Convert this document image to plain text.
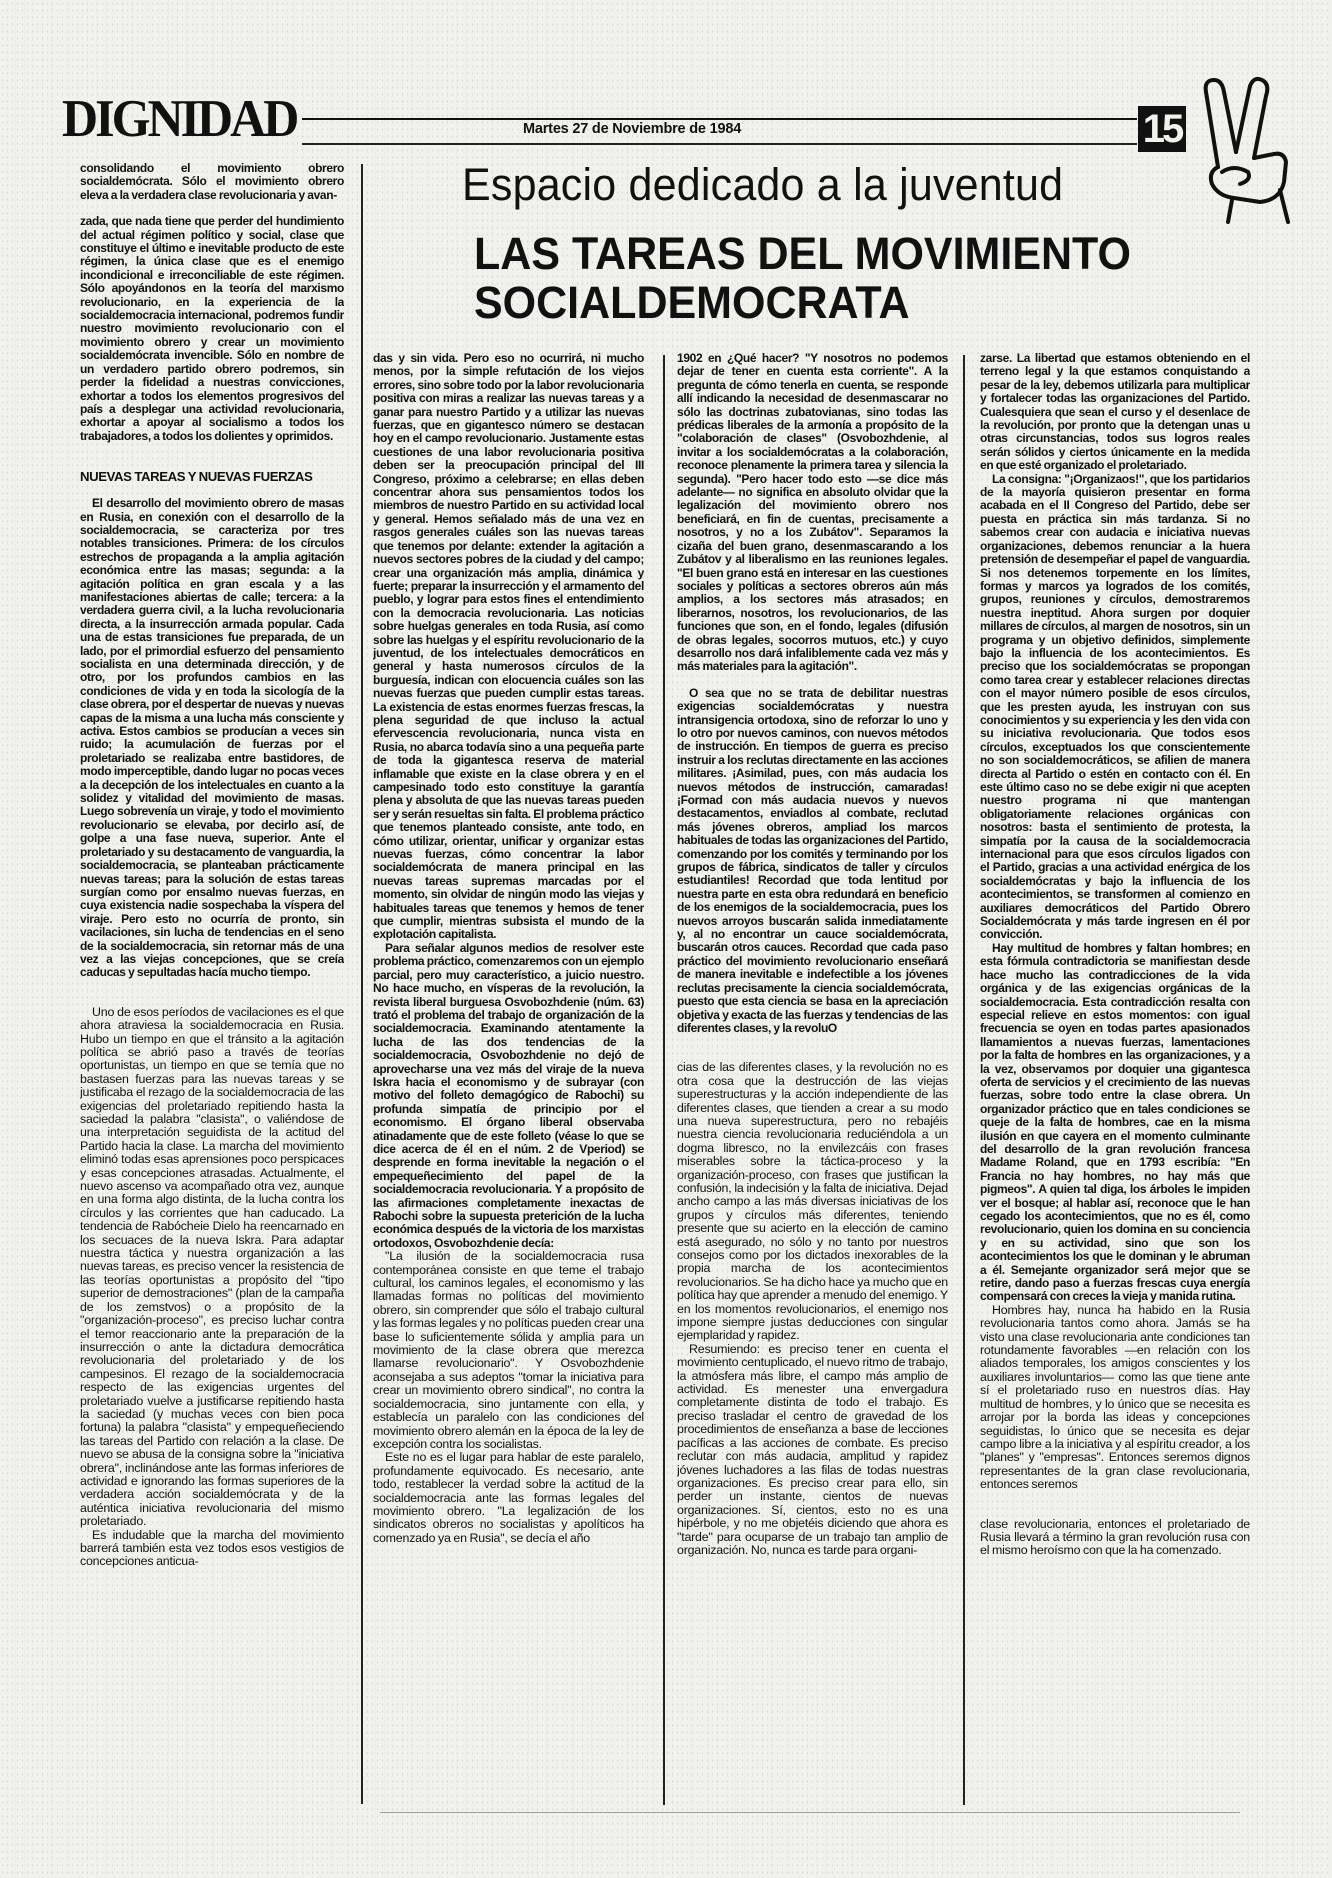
DIGNIDAD	Martes 27 de Noviembre de 1984	15
Espacio dedicado a la juventud
LAS TAREAS DEL MOVIMIENTO
SOCIALDEMOCRATA

consolidando el movimiento obrero socialdemócrata. Sólo el movimiento obrero eleva a la verdadera clase revolucionaria y avan-

zada, que nada tiene que perder del hundimiento del actual régimen político y social, clase que constituye el último e inevitable producto de este régimen, la única clase que es el enemigo incondicional e irreconciliable de este régimen. Sólo apoyándonos en la teoría del marxismo revolucionario, en la experiencia de la socialdemocracia internacional, podremos fundir nuestro movimiento revolucionario con el movimiento obrero y crear un movimiento socialdemócrata invencible. Sólo en nombre de un verdadero partido obrero podremos, sin perder la fidelidad a nuestras convicciones, exhortar a todos los elementos progresivos del país a desplegar una actividad revolucionaria, exhortar a apoyar al socialismo a todos los trabajadores, a todos los dolientes y oprimidos.

NUEVAS TAREAS Y NUEVAS FUERZAS

El desarrollo del movimiento obrero de masas en Rusia, en conexión con el desarrollo de la socialdemocracia, se caracteriza por tres notables transiciones. Primera: de los círculos estrechos de propaganda a la amplia agitación económica entre las masas; segunda: a la agitación política en gran escala y a las manifestaciones abiertas de calle; tercera: a la verdadera guerra civil, a la lucha revolucionaria directa, a la insurrección armada popular. Cada una de estas transiciones fue preparada, de un lado, por el primordial esfuerzo del pensamiento socialista en una determinada dirección, y de otro, por los profundos cambios en las condiciones de vida y en toda la sicología de la clase obrera, por el despertar de nuevas y nuevas capas de la misma a una lucha más consciente y activa. Estos cambios se producían a veces sin ruido; la acumulación de fuerzas por el proletariado se realizaba entre bastidores, de modo imperceptible, dando lugar no pocas veces a la decepción de los intelectuales en cuanto a la solidez y vitalidad del movimiento de masas. Luego sobrevenía un viraje, y todo el movimiento revolucionario se elevaba, por decirlo así, de golpe a una fase nueva, superior. Ante el proletariado y su destacamento de vanguardia, la socialdemocracia, se planteaban prácticamente nuevas tareas; para la solución de estas tareas surgían como por ensalmo nuevas fuerzas, en cuya existencia nadie sospechaba la víspera del viraje. Pero esto no ocurría de pronto, sin vacilaciones, sin lucha de tendencias en el seno de la socialdemocracia, sin retornar más de una vez a las viejas concepciones, que se creía caducas y sepultadas hacía mucho tiempo.

Uno de esos períodos de vacilaciones es el que ahora atraviesa la socialdemocracia en Rusia. Hubo un tiempo en que el tránsito a la agitación política se abrió paso a través de teorías oportunistas, un tiempo en que se temía que no bastasen fuerzas para las nuevas tareas y se justificaba el rezago de la socialdemocracia de las exigencias del proletariado repitiendo hasta la saciedad la palabra "clasista", o valiéndose de una interpretación seguidista de la actitud del Partido hacia la clase. La marcha del movimiento eliminó todas esas aprensiones poco perspicaces y esas concepciones atrasadas. Actualmente, el nuevo ascenso va acompañado otra vez, aunque en una forma algo distinta, de la lucha contra los círculos y las corrientes que han caducado. La tendencia de Rabócheie Dielo ha reencarnado en los secuaces de la nueva Iskra. Para adaptar nuestra táctica y nuestra organización a las nuevas tareas, es preciso vencer la resistencia de las teorías oportunistas a propósito del "tipo superior de demostraciones" (plan de la campaña de los zemstvos) o a propósito de la "organización-proceso", es preciso luchar contra el temor reaccionario ante la preparación de la insurrección o ante la dictadura democrática revolucionaria del proletariado y de los campesinos. El rezago de la socialdemocracia respecto de las exigencias urgentes del proletariado vuelve a justificarse repitiendo hasta la saciedad (y muchas veces con bien poca fortuna) la palabra "clasista" y empequeñeciendo las tareas del Partido con relación a la clase. De nuevo se abusa de la consigna sobre la "iniciativa obrera", inclinándose ante las formas inferiores de actividad e ignorando las formas superiores de la verdadera acción socialdemócrata y de la auténtica iniciativa revolucionaria del mismo proletariado.

Es indudable que la marcha del movimiento barrerá también esta vez todos esos vestigios de concepciones anticua-

das y sin vida. Pero eso no ocurrirá, ni mucho menos, por la simple refutación de los viejos errores, sino sobre todo por la labor revolucionaria positiva con miras a realizar las nuevas tareas y a ganar para nuestro Partido y a utilizar las nuevas fuerzas, que en gigantesco número se destacan hoy en el campo revolucionario. Justamente estas cuestiones de una labor revolucionaria positiva deben ser la preocupación principal del III Congreso, próximo a celebrarse; en ellas deben concentrar ahora sus pensamientos todos los miembros de nuestro Partido en su actividad local y general. Hemos señalado más de una vez en rasgos generales cuáles son las nuevas tareas que tenemos por delante: extender la agitación a nuevos sectores pobres de la ciudad y del campo; crear una organización más amplia, dinámica y fuerte; preparar la insurrección y el armamento del pueblo, y lograr para estos fines el entendimiento con la democracia revolucionaria. Las noticias sobre huelgas generales en toda Rusia, así como sobre las huelgas y el espíritu revolucionario de la juventud, de los intelectuales democráticos en general y hasta numerosos círculos de la burguesía, indican con elocuencia cuáles son las nuevas fuerzas que pueden cumplir estas tareas. La existencia de estas enormes fuerzas frescas, la plena seguridad de que incluso la actual efervescencia revolucionaria, nunca vista en Rusia, no abarca todavía sino a una pequeña parte de toda la gigantesca reserva de material inflamable que existe en la clase obrera y en el campesinado todo esto constituye la garantía plena y absoluta de que las nuevas tareas pueden ser y serán resueltas sin falta. El problema práctico que tenemos planteado consiste, ante todo, en cómo utilizar, orientar, unificar y organizar estas nuevas fuerzas, cómo concentrar la labor socialdemócrata de manera principal en las nuevas tareas supremas marcadas por el momento, sin olvidar de ningún modo las viejas y habituales tareas que tenemos y hemos de tener que cumplir, mientras subsista el mundo de la explotación capitalista.

Para señalar algunos medios de resolver este problema práctico, comenzaremos con un ejemplo parcial, pero muy característico, a juicio nuestro. No hace mucho, en vísperas de la revolución, la revista liberal burguesa Osvobozhdenie (núm. 63) trató el problema del trabajo de organización de la socialdemocracia. Examinando atentamente la lucha de las dos tendencias de la socialdemocracia, Osvobozhdenie no dejó de aprovecharse una vez más del viraje de la nueva Iskra hacia el economismo y de subrayar (con motivo del folleto demagógico de Rabochi) su profunda simpatía de principio por el economismo. El órgano liberal observaba atinadamente que de este folleto (véase lo que se dice acerca de él en el núm. 2 de Vperiod) se desprende en forma inevitable la negación o el empequeñecimiento del papel de la socialdemocracia revolucionaria. Y a propósito de las afirmaciones completamente inexactas de Rabochi sobre la supuesta preterición de la lucha económica después de la victoria de los marxistas ortodoxos, Osvobozhdenie decía:

"La ilusión de la socialdemocracia rusa contemporánea consiste en que teme el trabajo cultural, los caminos legales, el economismo y las llamadas formas no políticas del movimiento obrero, sin comprender que sólo el trabajo cultural y las formas legales y no políticas pueden crear una base lo suficientemente sólida y amplia para un movimiento de la clase obrera que merezca llamarse revolucionario". Y Osvobozhdenie aconsejaba a sus adeptos "tomar la iniciativa para crear un movimiento obrero sindical", no contra la socialdemocracia, sino juntamente con ella, y establecía un paralelo con las condiciones del movimiento obrero alemán en la época de la ley de excepción contra los socialistas.

Este no es el lugar para hablar de este paralelo, profundamente equivocado. Es necesario, ante todo, restablecer la verdad sobre la actitud de la socialdemocracia ante las formas legales del movimiento obrero. "La legalización de los sindicatos obreros no socialistas y apolíticos ha comenzado ya en Rusia", se decía el año

1902 en ¿Qué hacer? "Y nosotros no podemos dejar de tener en cuenta esta corriente". A la pregunta de cómo tenerla en cuenta, se responde allí indicando la necesidad de desenmascarar no sólo las doctrinas zubatovianas, sino todas las prédicas liberales de la armonía a propósito de la "colaboración de clases" (Osvobozhdenie, al invitar a los socialdemócratas a la colaboración, reconoce plenamente la primera tarea y silencia la segunda). "Pero hacer todo esto —se dice más adelante— no significa en absoluto olvidar que la legalización del movimiento obrero nos beneficiará, en fin de cuentas, precisamente a nosotros, y no a los Zubátov". Separamos la cizaña del buen grano, desenmascarando a los Zubátov y al liberalismo en las reuniones legales. "El buen grano está en interesar en las cuestiones sociales y políticas a sectores obreros aún más amplios, a los sectores más atrasados; en liberarnos, nosotros, los revolucionarios, de las funciones que son, en el fondo, legales (difusión de obras legales, socorros mutuos, etc.) y cuyo desarrollo nos dará infaliblemente cada vez más y más materiales para la agitación".

O sea que no se trata de debilitar nuestras exigencias socialdemócratas y nuestra intransigencia ortodoxa, sino de reforzar lo uno y lo otro por nuevos caminos, con nuevos métodos de instrucción. En tiempos de guerra es preciso instruir a los reclutas directamente en las acciones militares. ¡Asimilad, pues, con más audacia los nuevos métodos de instrucción, camaradas! ¡Formad con más audacia nuevos y nuevos destacamentos, enviadlos al combate, reclutad más jóvenes obreros, ampliad los marcos habituales de todas las organizaciones del Partido, comenzando por los comités y terminando por los grupos de fábrica, sindicatos de taller y círculos estudiantiles! Recordad que toda lentitud por nuestra parte en esta obra redundará en beneficio de los enemigos de la socialdemocracia, pues los nuevos arroyos buscarán salida inmediatamente y, al no encontrar un cauce socialdemócrata, buscarán otros cauces. Recordad que cada paso práctico del movimiento revolucionario enseñará de manera inevitable e indefectible a los jóvenes reclutas precisamente la ciencia socialdemócrata, puesto que esta ciencia se basa en la apreciación objetiva y exacta de las fuerzas y tendencias de las diferentes clases, y la revoluO

cias de las diferentes clases, y la revolución no es otra cosa que la destrucción de las viejas superestructuras y la acción independiente de las diferentes clases, que tienden a crear a su modo una nueva superestructura, pero no rebajéis nuestra ciencia revolucionaria reduciéndola a un dogma libresco, no la envilezcáis con frases miserables sobre la táctica-proceso y la organización-proceso, con frases que justifican la confusión, la indecisión y la falta de iniciativa. Dejad ancho campo a las más diversas iniciativas de los grupos y círculos más diferentes, teniendo presente que su acierto en la elección de camino está asegurado, no sólo y no tanto por nuestros consejos como por los dictados inexorables de la propia marcha de los acontecimientos revolucionarios. Se ha dicho hace ya mucho que en política hay que aprender a menudo del enemigo. Y en los momentos revolucionarios, el enemigo nos impone siempre justas deducciones con singular ejemplaridad y rapidez.

Resumiendo: es preciso tener en cuenta el movimiento centuplicado, el nuevo ritmo de trabajo, la atmósfera más libre, el campo más amplio de actividad. Es menester una envergadura completamente distinta de todo el trabajo. Es preciso trasladar el centro de gravedad de los procedimientos de enseñanza a base de lecciones pacíficas a las acciones de combate. Es preciso reclutar con más audacia, amplitud y rapidez jóvenes luchadores a las filas de todas nuestras organizaciones. Es preciso crear para ello, sin perder un instante, cientos de nuevas organizaciones. Sí, cientos, esto no es una hipérbole, y no me objetéis diciendo que ahora es "tarde" para ocuparse de un trabajo tan amplio de organización. No, nunca es tarde para organi-

zarse. La libertad que estamos obteniendo en el terreno legal y la que estamos conquistando a pesar de la ley, debemos utilizarla para multiplicar y fortalecer todas las organizaciones del Partido. Cualesquiera que sean el curso y el desenlace de la revolución, por pronto que la detengan unas u otras circunstancias, todos sus logros reales serán sólidos y ciertos únicamente en la medida en que esté organizado el proletariado.

La consigna: "¡Organizaos!", que los partidarios de la mayoría quisieron presentar en forma acabada en el II Congreso del Partido, debe ser puesta en práctica sin más tardanza. Si no sabemos crear con audacia e iniciativa nuevas organizaciones, debemos renunciar a la huera pretensión de desempeñar el papel de vanguardia. Si nos detenemos torpemente en los límites, formas y marcos ya logrados de los comités, grupos, reuniones y círculos, demostraremos nuestra ineptitud. Ahora surgen por doquier millares de círculos, al margen de nosotros, sin un programa y un objetivo definidos, simplemente bajo la influencia de los acontecimientos. Es preciso que los socialdemócratas se propongan como tarea crear y establecer relaciones directas con el mayor número posible de esos círculos, que les presten ayuda, les instruyan con sus conocimientos y su experiencia y les den vida con su iniciativa revolucionaria. Que todos esos círculos, exceptuados los que conscientemente no son socialdemocráticos, se afilien de manera directa al Partido o estén en contacto con él. En este último caso no se debe exigir ni que acepten nuestro programa ni que mantengan obligatoriamente relaciones orgánicas con nosotros: basta el sentimiento de protesta, la simpatía por la causa de la socialdemocracia internacional para que esos círculos ligados con el Partido, gracias a una actividad enérgica de los socialdemócratas y bajo la influencia de los acontecimientos, se transformen al comienzo en auxiliares democráticos del Partido Obrero Socialdemócrata y más tarde ingresen en él por convicción.

Hay multitud de hombres y faltan hombres; en esta fórmula contradictoria se manifiestan desde hace mucho las contradicciones de la vida orgánica y de las exigencias orgánicas de la socialdemocracia. Esta contradicción resalta con especial relieve en estos momentos: con igual frecuencia se oyen en todas partes apasionados llamamientos a nuevas fuerzas, lamentaciones por la falta de hombres en las organizaciones, y a la vez, observamos por doquier una gigantesca oferta de servicios y el crecimiento de las nuevas fuerzas, sobre todo entre la clase obrera. Un organizador práctico que en tales condiciones se queje de la falta de hombres, cae en la misma ilusión en que cayera en el momento culminante del desarrollo de la gran revolución francesa Madame Roland, que en 1793 escribía: "En Francia no hay hombres, no hay más que pigmeos". A quien tal diga, los árboles le impiden ver el bosque; al hablar así, reconoce que le han cegado los acontecimientos, que no es él, como revolucionario, quien los domina en su conciencia y en su actividad, sino que son los acontecimientos los que le dominan y le abruman a él. Semejante organizador será mejor que se retire, dando paso a fuerzas frescas cuya energía compensará con creces la vieja y manida rutina.

Hombres hay, nunca ha habido en la Rusia revolucionaria tantos como ahora. Jamás se ha visto una clase revolucionaria ante condiciones tan rotundamente favorables —en relación con los aliados temporales, los amigos conscientes y los auxiliares involuntarios— como las que tiene ante sí el proletariado ruso en nuestros días. Hay multitud de hombres, y lo único que se necesita es arrojar por la borda las ideas y concepciones seguidistas, lo único que se necesita es dejar campo libre a la iniciativa y al espíritu creador, a los "planes" y "empresas". Entonces seremos dignos representantes de la gran clase revolucionaria, entonces seremos

clase revolucionaria, entonces el proletariado de Rusia llevará a término la gran revolución rusa con el mismo heroísmo con que la ha comenzado.
